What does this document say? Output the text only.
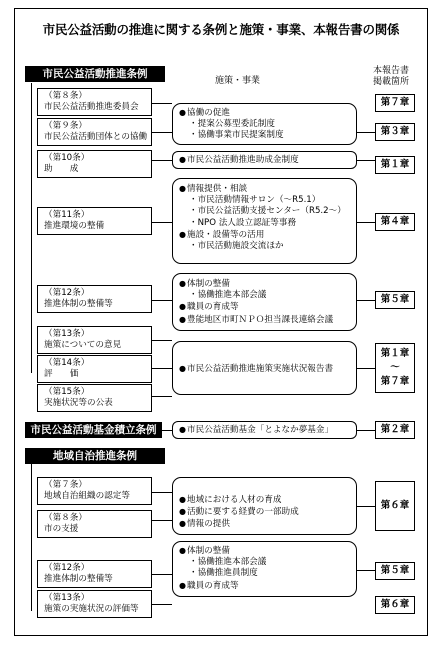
市民公益活動の推進に関する条例と施策・事業、本報告書の関係
施策・事業
本報告書
掲載箇所
市民公益活動推進条例
市民公益活動基金積立条例
地域自治推進条例
（第８条）
市民公益活動推進委員会
（第９条）
市民公益活動団体との協働
（第10条）
助　　成
（第11条）
推進環境の整備
（第12条）
推進体制の整備等
（第13条）
施策についての意見
（第14条）
評　　価
（第15条）
実施状況等の公表
（第７条）
地域自治組織の認定等
（第８条）
市の支援
（第12条）
推進体制の整備等
（第13条）
施策の実施状況の評価等
● 協働の促進
・ 提案公募型委託制度
・ 協働事業市民提案制度
● 市民公益活動推進助成金制度
● 情報提供・相談
・ 市民活動情報サロン（～R5.1）
・ 市民公益活動支援センター（R5.2～）
・ NPO 法人設立認証等事務
● 施設・設備等の活用
・ 市民活動施設交流ほか
● 体制の整備
・ 協働推進本部会議
● 職員の育成等
● 豊能地区市町ＮＰＯ担当課長連絡会議
● 市民公益活動推進施策実施状況報告書
● 市民公益活動基金「とよなか夢基金」
● 地域における人材の育成
● 活動に要する経費の一部助成
● 情報の提供
● 体制の整備
・ 協働推進本部会議
・ 協働推進員制度
● 職員の育成等
第７章
第３章
第１章
第４章
第５章
第１章
～
第７章
第２章
第６章
第５章
第６章
